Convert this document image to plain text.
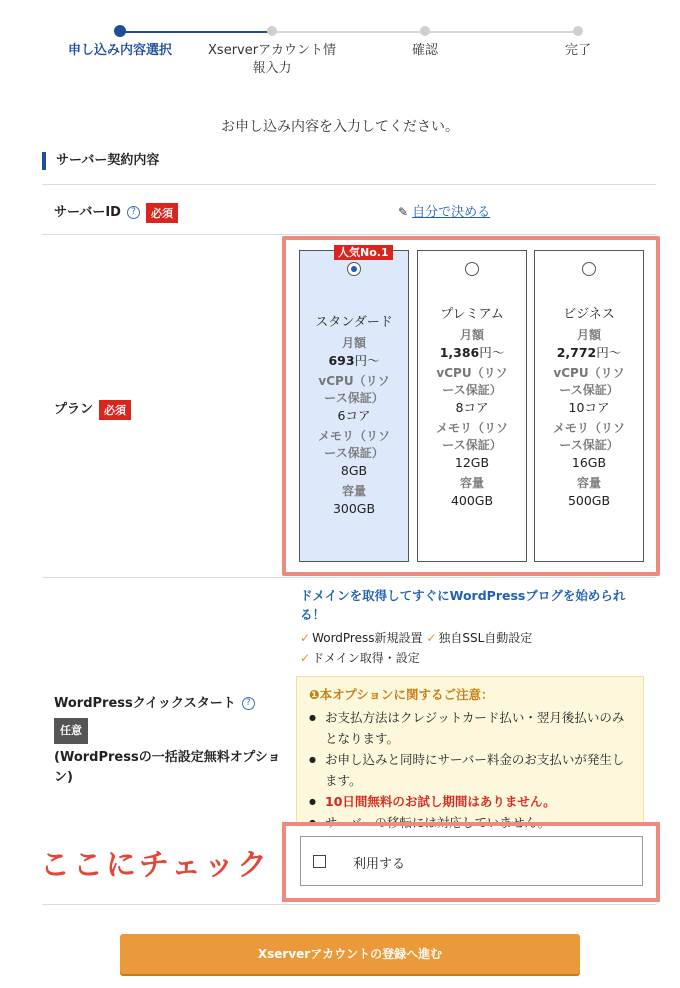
申し込み内容選択	Xserverアカウント情報入力
確認	完了
お申し込み内容を入力してください。
サーバー契約内容
サーバーID ? 必須	✎ 自分で決める
プラン 必須
人気No.1
スタンダード
月額
693円〜
vCPU（リソース保証）
6コア
メモリ（リソース保証）
8GB
容量
300GB
プレミアム
月額
1,386円〜
vCPU（リソース保証）
8コア
メモリ（リソース保証）
12GB
容量
400GB
ビジネス
月額
2,772円〜
vCPU（リソース保証）
10コア
メモリ（リソース保証）
16GB
容量
500GB
WordPressクイックスタート ?
任意
(WordPressの一括設定無料オプション)
ドメインを取得してすぐにWordPressブログを始められる！
✓ WordPress新規設置 ✓ 独自SSL自動設定
✓ ドメイン取得・設定
❶本オプションに関するご注意：
● お支払方法はクレジットカード払い・翌月後払いのみとなります。
● お申し込みと同時にサーバー料金のお支払いが発生します。
● 10日間無料のお試し期間はありません。
● サーバーの移転には対応していません。
ここにチェック	利用する
Xserverアカウントの登録へ進む
